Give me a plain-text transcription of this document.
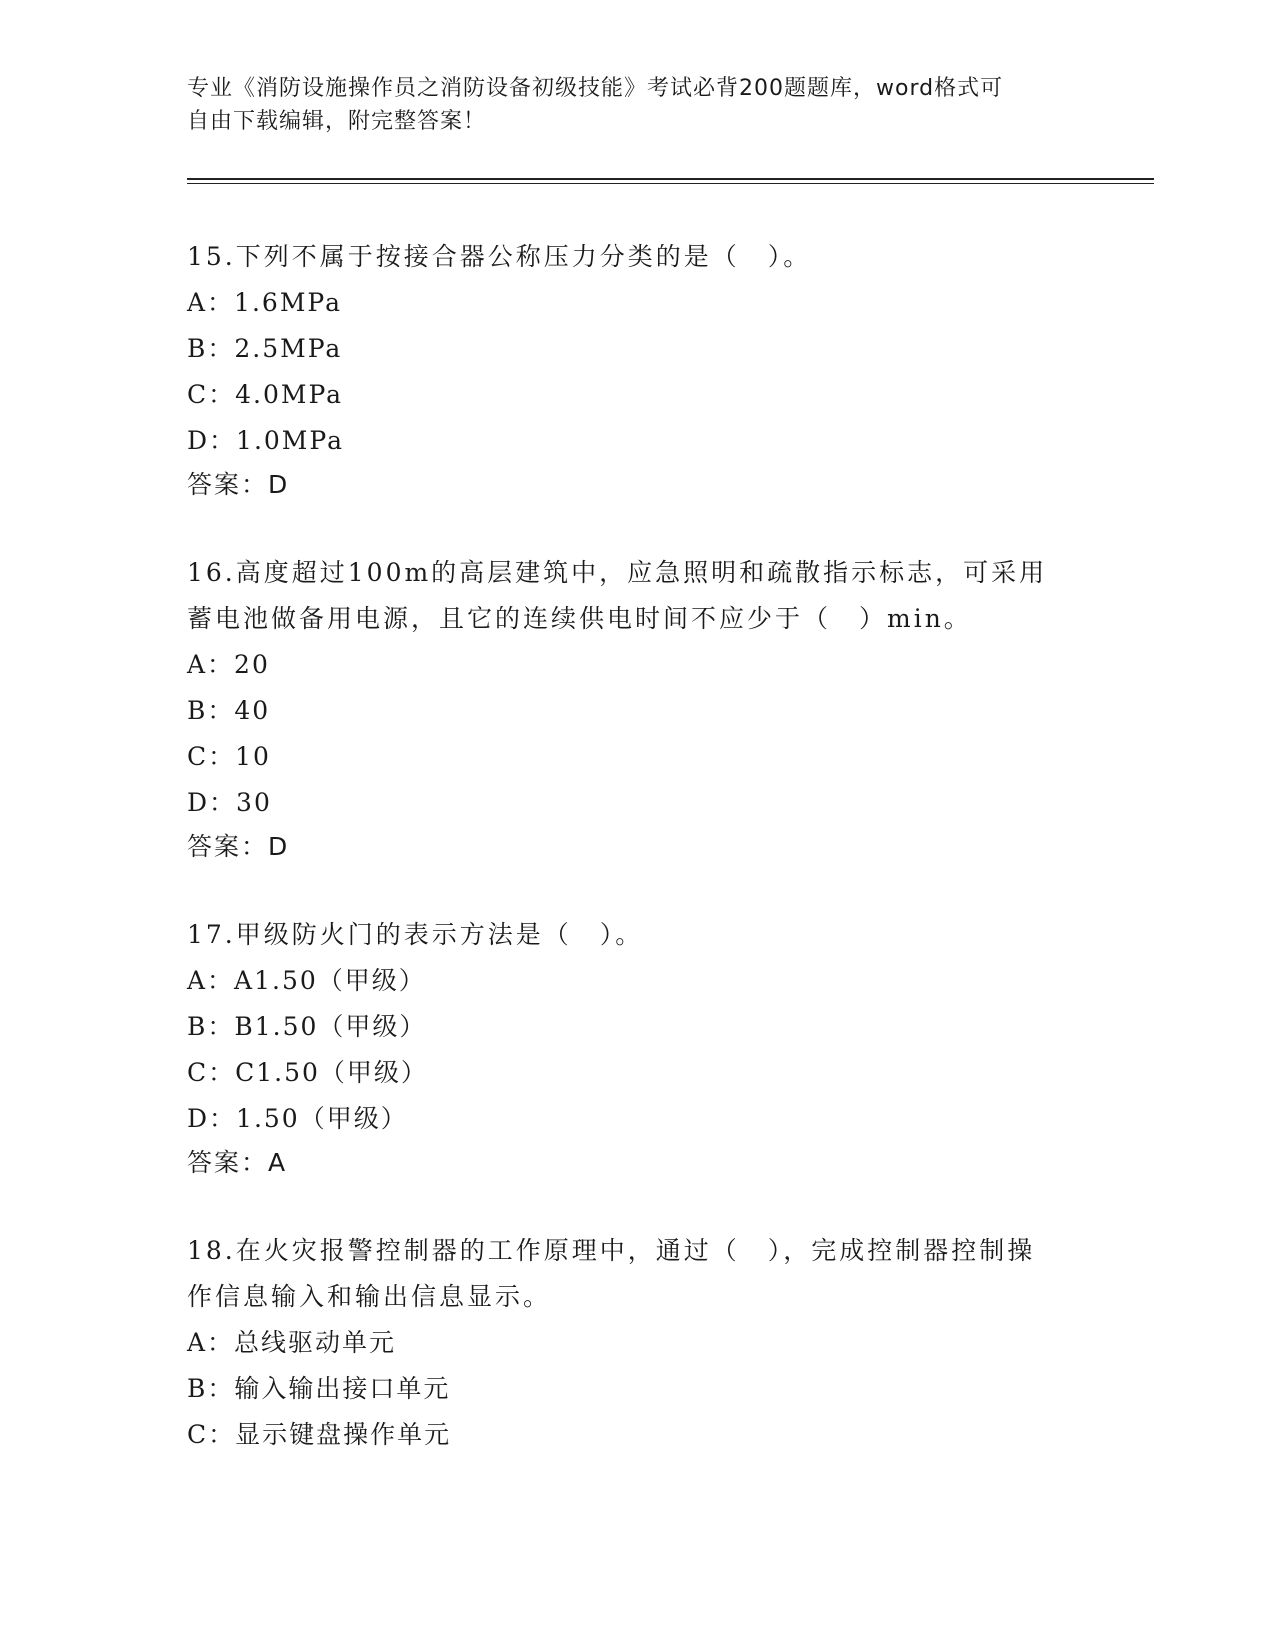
专业《消防设施操作员之消防设备初级技能》考试必背200题题库，word格式可
自由下载编辑，附完整答案！
15.下列不属于按接合器公称压力分类的是（　）。
A：1.6MPa
B：2.5MPa
C：4.0MPa
D：1.0MPa
答案：D
16.高度超过100m的高层建筑中，应急照明和疏散指示标志，可采用
蓄电池做备用电源，且它的连续供电时间不应少于（　）min。
A：20
B：40
C：10
D：30
答案：D
17.甲级防火门的表示方法是（　）。
A：A1.50（甲级）
B：B1.50（甲级）
C：C1.50（甲级）
D：1.50（甲级）
答案：A
18.在火灾报警控制器的工作原理中，通过（　），完成控制器控制操
作信息输入和输出信息显示。
A：总线驱动单元
B：输入输出接口单元
C：显示键盘操作单元
